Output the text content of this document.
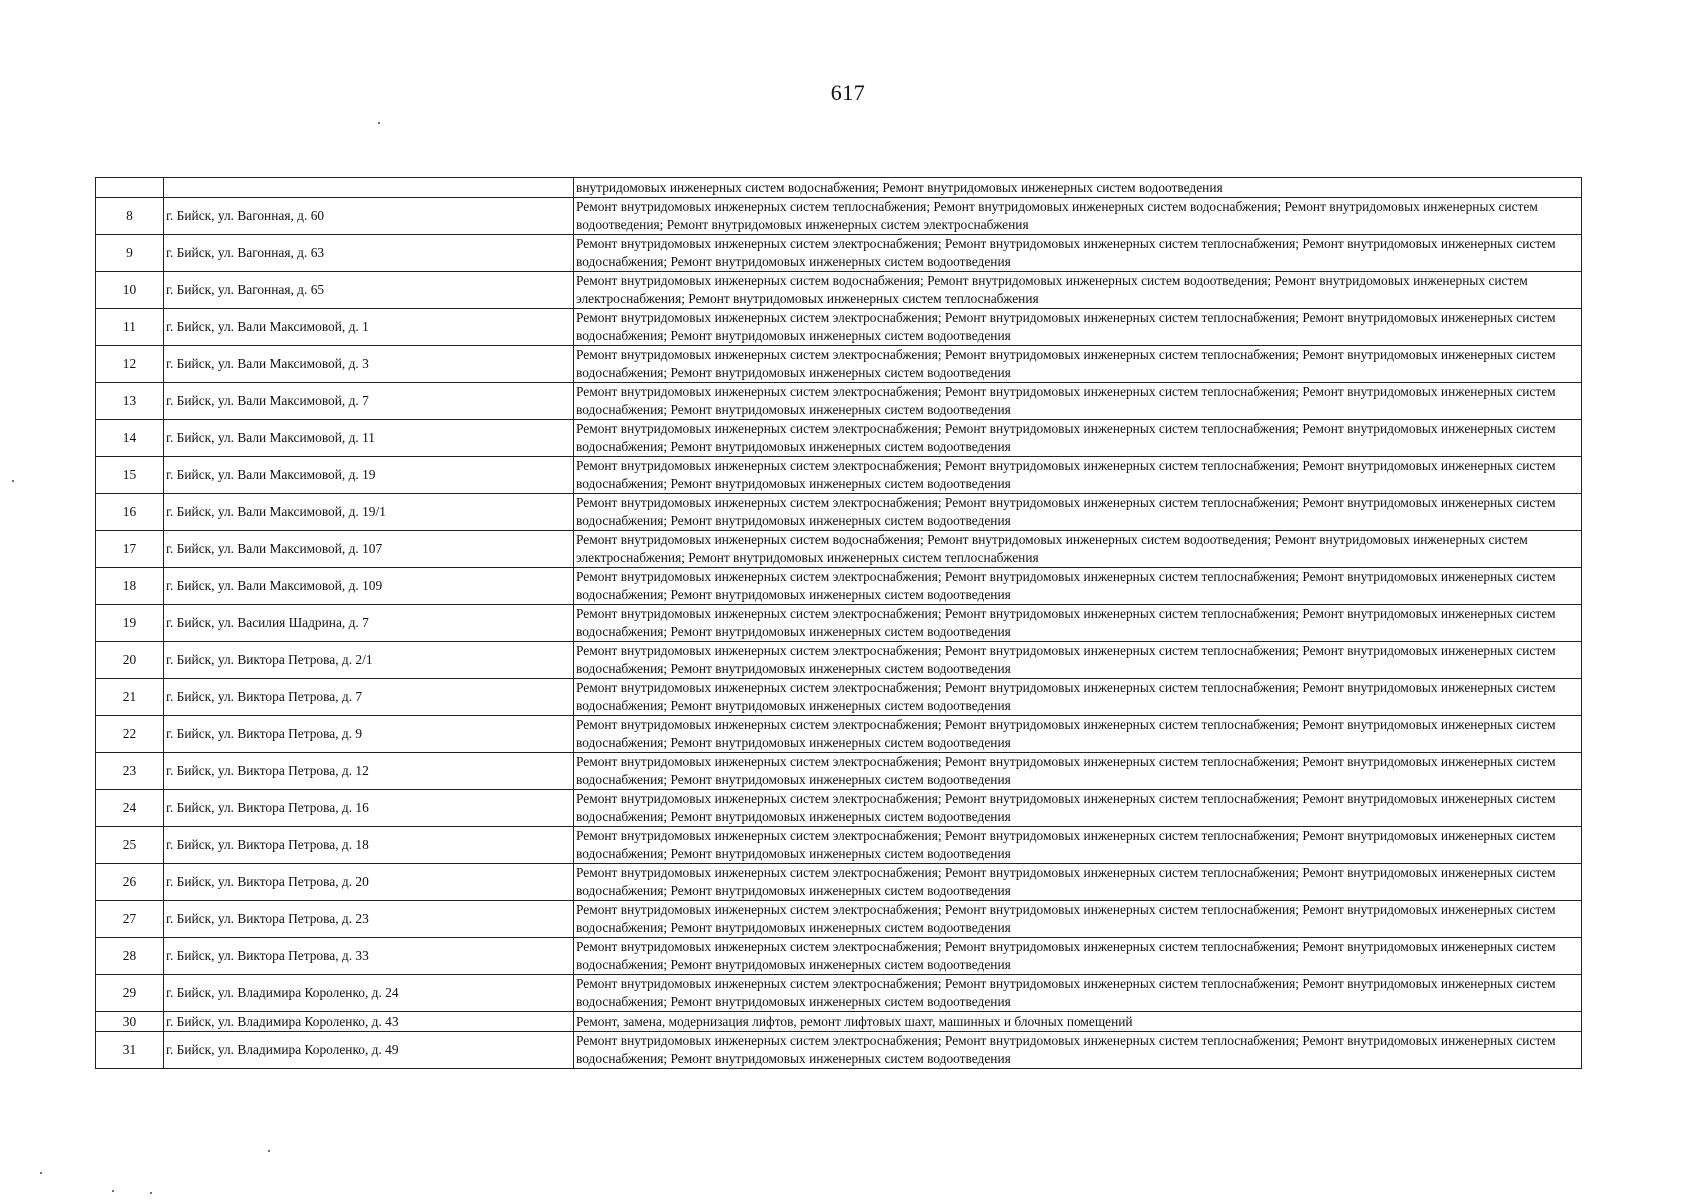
617
		внутридомовых инженерных систем водоснабжения; Ремонт внутридомовых инженерных систем водоотведения
8	г. Бийск, ул. Вагонная, д. 60	Ремонт внутридомовых инженерных систем теплоснабжения; Ремонт внутридомовых инженерных систем водоснабжения; Ремонт внутридомовых инженерных систем водоотведения; Ремонт внутридомовых инженерных систем электроснабжения
9	г. Бийск, ул. Вагонная, д. 63	Ремонт внутридомовых инженерных систем электроснабжения; Ремонт внутридомовых инженерных систем теплоснабжения; Ремонт внутридомовых инженерных систем водоснабжения; Ремонт внутридомовых инженерных систем водоотведения
10	г. Бийск, ул. Вагонная, д. 65	Ремонт внутридомовых инженерных систем водоснабжения; Ремонт внутридомовых инженерных систем водоотведения; Ремонт внутридомовых инженерных систем электроснабжения; Ремонт внутридомовых инженерных систем теплоснабжения
11	г. Бийск, ул. Вали Максимовой, д. 1	Ремонт внутридомовых инженерных систем электроснабжения; Ремонт внутридомовых инженерных систем теплоснабжения; Ремонт внутридомовых инженерных систем водоснабжения; Ремонт внутридомовых инженерных систем водоотведения
12	г. Бийск, ул. Вали Максимовой, д. 3	Ремонт внутридомовых инженерных систем электроснабжения; Ремонт внутридомовых инженерных систем теплоснабжения; Ремонт внутридомовых инженерных систем водоснабжения; Ремонт внутридомовых инженерных систем водоотведения
13	г. Бийск, ул. Вали Максимовой, д. 7	Ремонт внутридомовых инженерных систем электроснабжения; Ремонт внутридомовых инженерных систем теплоснабжения; Ремонт внутридомовых инженерных систем водоснабжения; Ремонт внутридомовых инженерных систем водоотведения
14	г. Бийск, ул. Вали Максимовой, д. 11	Ремонт внутридомовых инженерных систем электроснабжения; Ремонт внутридомовых инженерных систем теплоснабжения; Ремонт внутридомовых инженерных систем водоснабжения; Ремонт внутридомовых инженерных систем водоотведения
15	г. Бийск, ул. Вали Максимовой, д. 19	Ремонт внутридомовых инженерных систем электроснабжения; Ремонт внутридомовых инженерных систем теплоснабжения; Ремонт внутридомовых инженерных систем водоснабжения; Ремонт внутридомовых инженерных систем водоотведения
16	г. Бийск, ул. Вали Максимовой, д. 19/1	Ремонт внутридомовых инженерных систем электроснабжения; Ремонт внутридомовых инженерных систем теплоснабжения; Ремонт внутридомовых инженерных систем водоснабжения; Ремонт внутридомовых инженерных систем водоотведения
17	г. Бийск, ул. Вали Максимовой, д. 107	Ремонт внутридомовых инженерных систем водоснабжения; Ремонт внутридомовых инженерных систем водоотведения; Ремонт внутридомовых инженерных систем электроснабжения; Ремонт внутридомовых инженерных систем теплоснабжения
18	г. Бийск, ул. Вали Максимовой, д. 109	Ремонт внутридомовых инженерных систем электроснабжения; Ремонт внутридомовых инженерных систем теплоснабжения; Ремонт внутридомовых инженерных систем водоснабжения; Ремонт внутридомовых инженерных систем водоотведения
19	г. Бийск, ул. Василия Шадрина, д. 7	Ремонт внутридомовых инженерных систем электроснабжения; Ремонт внутридомовых инженерных систем теплоснабжения; Ремонт внутридомовых инженерных систем водоснабжения; Ремонт внутридомовых инженерных систем водоотведения
20	г. Бийск, ул. Виктора Петрова, д. 2/1	Ремонт внутридомовых инженерных систем электроснабжения; Ремонт внутридомовых инженерных систем теплоснабжения; Ремонт внутридомовых инженерных систем водоснабжения; Ремонт внутридомовых инженерных систем водоотведения
21	г. Бийск, ул. Виктора Петрова, д. 7	Ремонт внутридомовых инженерных систем электроснабжения; Ремонт внутридомовых инженерных систем теплоснабжения; Ремонт внутридомовых инженерных систем водоснабжения; Ремонт внутридомовых инженерных систем водоотведения
22	г. Бийск, ул. Виктора Петрова, д. 9	Ремонт внутридомовых инженерных систем электроснабжения; Ремонт внутридомовых инженерных систем теплоснабжения; Ремонт внутридомовых инженерных систем водоснабжения; Ремонт внутридомовых инженерных систем водоотведения
23	г. Бийск, ул. Виктора Петрова, д. 12	Ремонт внутридомовых инженерных систем электроснабжения; Ремонт внутридомовых инженерных систем теплоснабжения; Ремонт внутридомовых инженерных систем водоснабжения; Ремонт внутридомовых инженерных систем водоотведения
24	г. Бийск, ул. Виктора Петрова, д. 16	Ремонт внутридомовых инженерных систем электроснабжения; Ремонт внутридомовых инженерных систем теплоснабжения; Ремонт внутридомовых инженерных систем водоснабжения; Ремонт внутридомовых инженерных систем водоотведения
25	г. Бийск, ул. Виктора Петрова, д. 18	Ремонт внутридомовых инженерных систем электроснабжения; Ремонт внутридомовых инженерных систем теплоснабжения; Ремонт внутридомовых инженерных систем водоснабжения; Ремонт внутридомовых инженерных систем водоотведения
26	г. Бийск, ул. Виктора Петрова, д. 20	Ремонт внутридомовых инженерных систем электроснабжения; Ремонт внутридомовых инженерных систем теплоснабжения; Ремонт внутридомовых инженерных систем водоснабжения; Ремонт внутридомовых инженерных систем водоотведения
27	г. Бийск, ул. Виктора Петрова, д. 23	Ремонт внутридомовых инженерных систем электроснабжения; Ремонт внутридомовых инженерных систем теплоснабжения; Ремонт внутридомовых инженерных систем водоснабжения; Ремонт внутридомовых инженерных систем водоотведения
28	г. Бийск, ул. Виктора Петрова, д. 33	Ремонт внутридомовых инженерных систем электроснабжения; Ремонт внутридомовых инженерных систем теплоснабжения; Ремонт внутридомовых инженерных систем водоснабжения; Ремонт внутридомовых инженерных систем водоотведения
29	г. Бийск, ул. Владимира Короленко, д. 24	Ремонт внутридомовых инженерных систем электроснабжения; Ремонт внутридомовых инженерных систем теплоснабжения; Ремонт внутридомовых инженерных систем водоснабжения; Ремонт внутридомовых инженерных систем водоотведения
30	г. Бийск, ул. Владимира Короленко, д. 43	Ремонт, замена, модернизация лифтов, ремонт лифтовых шахт, машинных и блочных помещений
31	г. Бийск, ул. Владимира Короленко, д. 49	Ремонт внутридомовых инженерных систем электроснабжения; Ремонт внутридомовых инженерных систем теплоснабжения; Ремонт внутридомовых инженерных систем водоснабжения; Ремонт внутридомовых инженерных систем водоотведения
